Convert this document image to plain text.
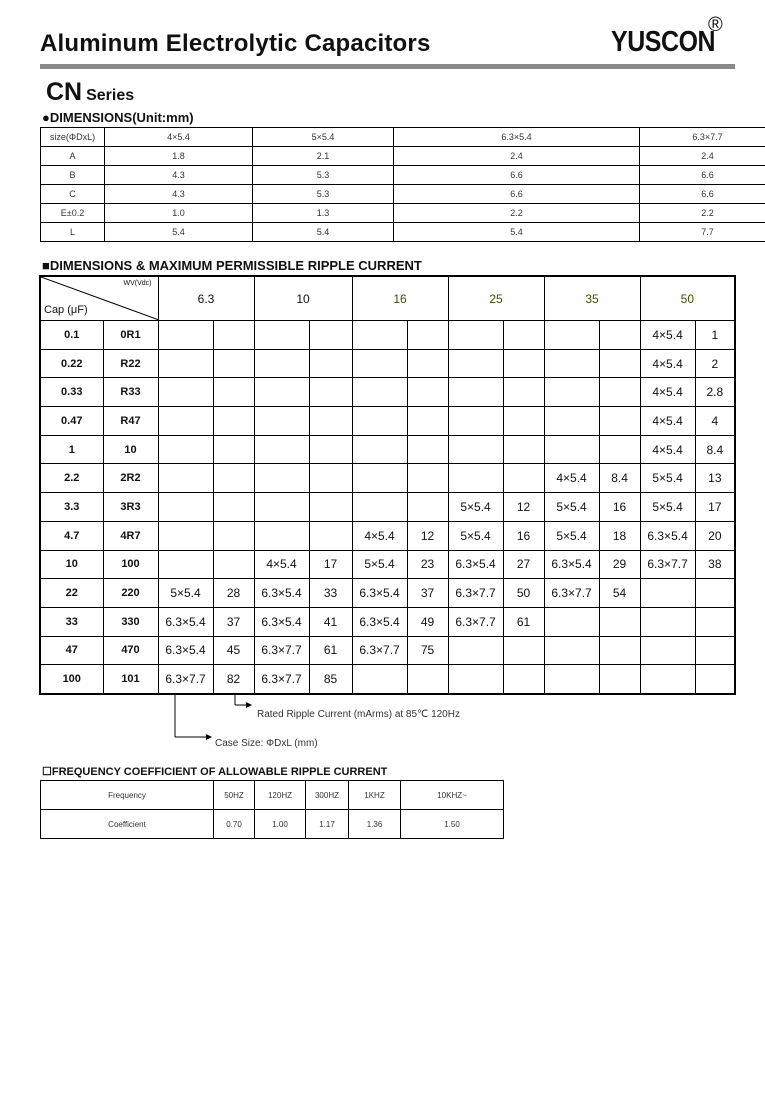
Aluminum Electrolytic Capacitors	YUSCON
®
CN Series
●DIMENSIONS(Unit:mm)
size(ΦDxL)	4×5.4	5×5.4	6.3×5.4	6.3×7.7
A	1.8	2.1	2.4	2.4
B	4.3	5.3	6.6	6.6
C	4.3	5.3	6.6	6.6
E±0.2	1.0	1.3	2.2	2.2
L	5.4	5.4	5.4	7.7
■DIMENSIONS & MAXIMUM PERMISSIBLE RIPPLE CURRENT
WV(Vdc)
Cap (μF)		6.3		10		16		25		35		50	
0.1	0R1											4×5.4	1
0.22	R22											4×5.4	2
0.33	R33											4×5.4	2.8
0.47	R47											4×5.4	4
1	10											4×5.4	8.4
2.2	2R2									4×5.4	8.4	5×5.4	13
3.3	3R3							5×5.4	12	5×5.4	16	5×5.4	17
4.7	4R7					4×5.4	12	5×5.4	16	5×5.4	18	6.3×5.4	20
10	100			4×5.4	17	5×5.4	23	6.3×5.4	27	6.3×5.4	29	6.3×7.7	38
22	220	5×5.4	28	6.3×5.4	33	6.3×5.4	37	6.3×7.7	50	6.3×7.7	54		
33	330	6.3×5.4	37	6.3×5.4	41	6.3×5.4	49	6.3×7.7	61				
47	470	6.3×5.4	45	6.3×7.7	61	6.3×7.7	75						
100	101	6.3×7.7	82	6.3×7.7	85								
Rated Ripple Current (mArms) at 85℃ 120Hz
Case Size: ΦDxL (mm)
☐FREQUENCY COEFFICIENT OF ALLOWABLE RIPPLE CURRENT
Frequency	50HZ	120HZ	300HZ	1KHZ	10KHZ~
Coefficient	0.70	1.00	1.17	1.36	1.50
